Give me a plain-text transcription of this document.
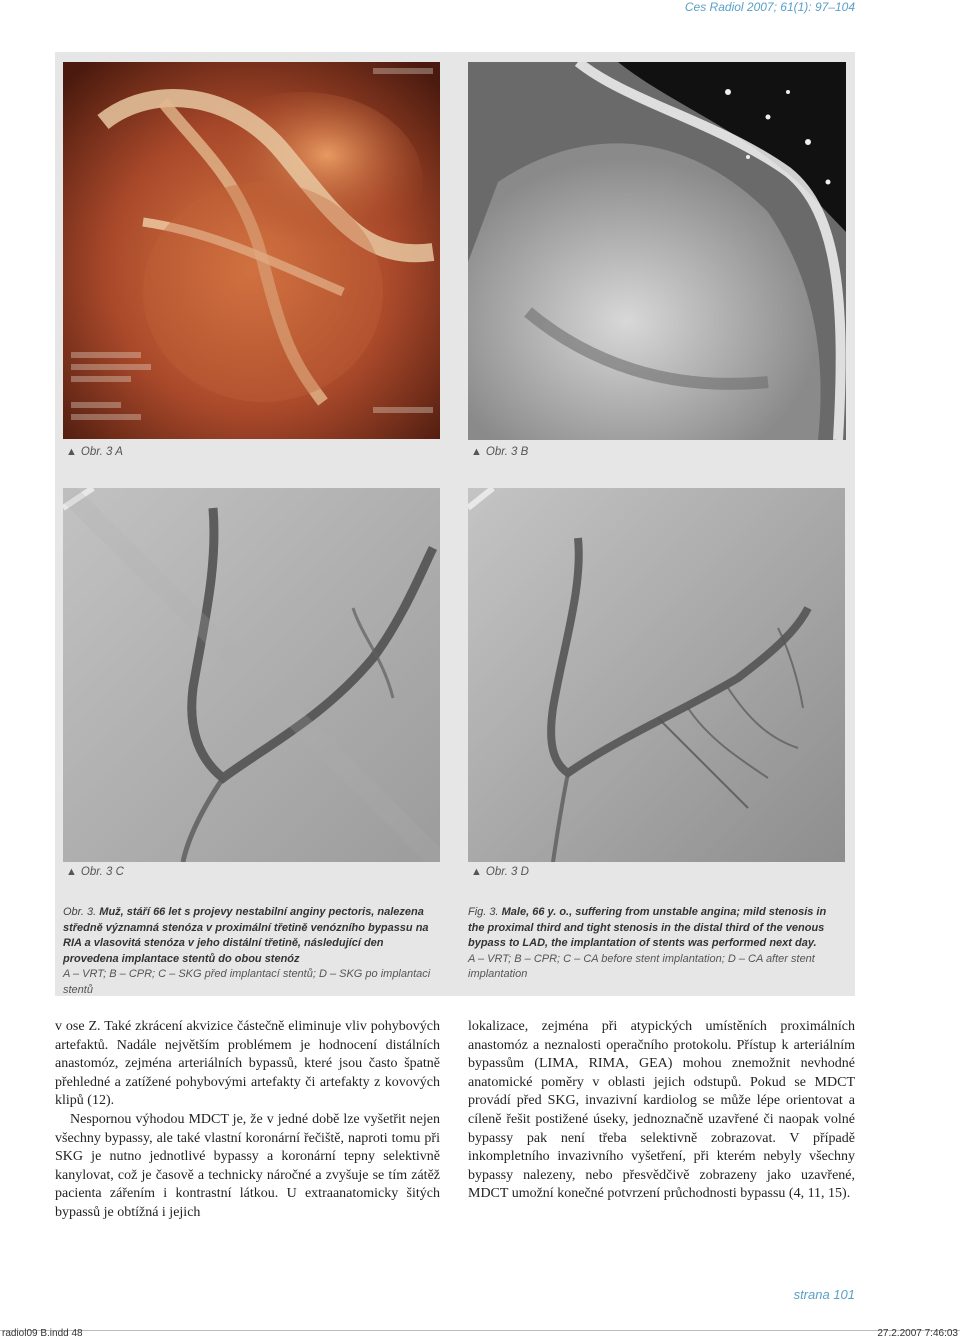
Ces Radiol 2007; 61(1): 97–104
▲ Obr. 3 A	▲ Obr. 3 B
▲ Obr. 3 C	▲ Obr. 3 D
Obr. 3. Muž, stáří 66 let s projevy nestabilní anginy pectoris, nalezena středně významná stenóza v proximální třetině venózního bypassu na RIA a vlasovitá stenóza v jeho distální třetině, následující den provedena implantace stentů do obou stenóz
A – VRT; B – CPR; C – SKG před implantací stentů; D – SKG po implantaci stentů
Fig. 3. Male, 66 y. o., suffering from unstable angina; mild stenosis in the proximal third and tight stenosis in the distal third of the venous bypass to LAD, the implantation of stents was performed next day.
A – VRT; B – CPR; C – CA before stent implantation; D – CA after stent implantation

v ose Z. Také zkrácení akvizice částečně eliminuje vliv pohybových artefaktů. Nadále největším problémem je hodnocení distálních anastomóz, zejména arteriálních bypassů, které jsou často špatně přehledné a zatížené pohybovými artefakty či artefakty z kovových klipů (12).

Nespornou výhodou MDCT je, že v jedné době lze vyšetřit nejen všechny bypassy, ale také vlastní koronární řečiště, naproti tomu při SKG je nutno jednotlivé bypassy a koronární tepny selektivně kanylovat, což je časově a technicky náročné a zvyšuje se tím zátěž pacienta zářením i kontrastní látkou. U extraanatomicky šitých bypassů je obtížná i jejich

lokalizace, zejména při atypických umístěních proximálních anastomóz a neznalosti operačního protokolu. Přístup k arteriálním bypassům (LIMA, RIMA, GEA) mohou znemožnit nevhodné anatomické poměry v oblasti jejich odstupů. Pokud se MDCT provádí před SKG, invazivní kardiolog se může lépe orientovat a cíleně řešit postižené úseky, jednoznačně uzavřené či naopak volné bypassy pak není třeba selektivně zobrazovat. V případě inkompletního invazivního vyšetření, při kterém nebyly všechny bypassy nalezeny, nebo přesvědčivě zobrazeny jako uzavřené, MDCT umožní konečné potvrzení průchodnosti bypassu (4, 11, 15).

strana 101
radiol09 B.indd 48	27.2.2007 7:46:03
